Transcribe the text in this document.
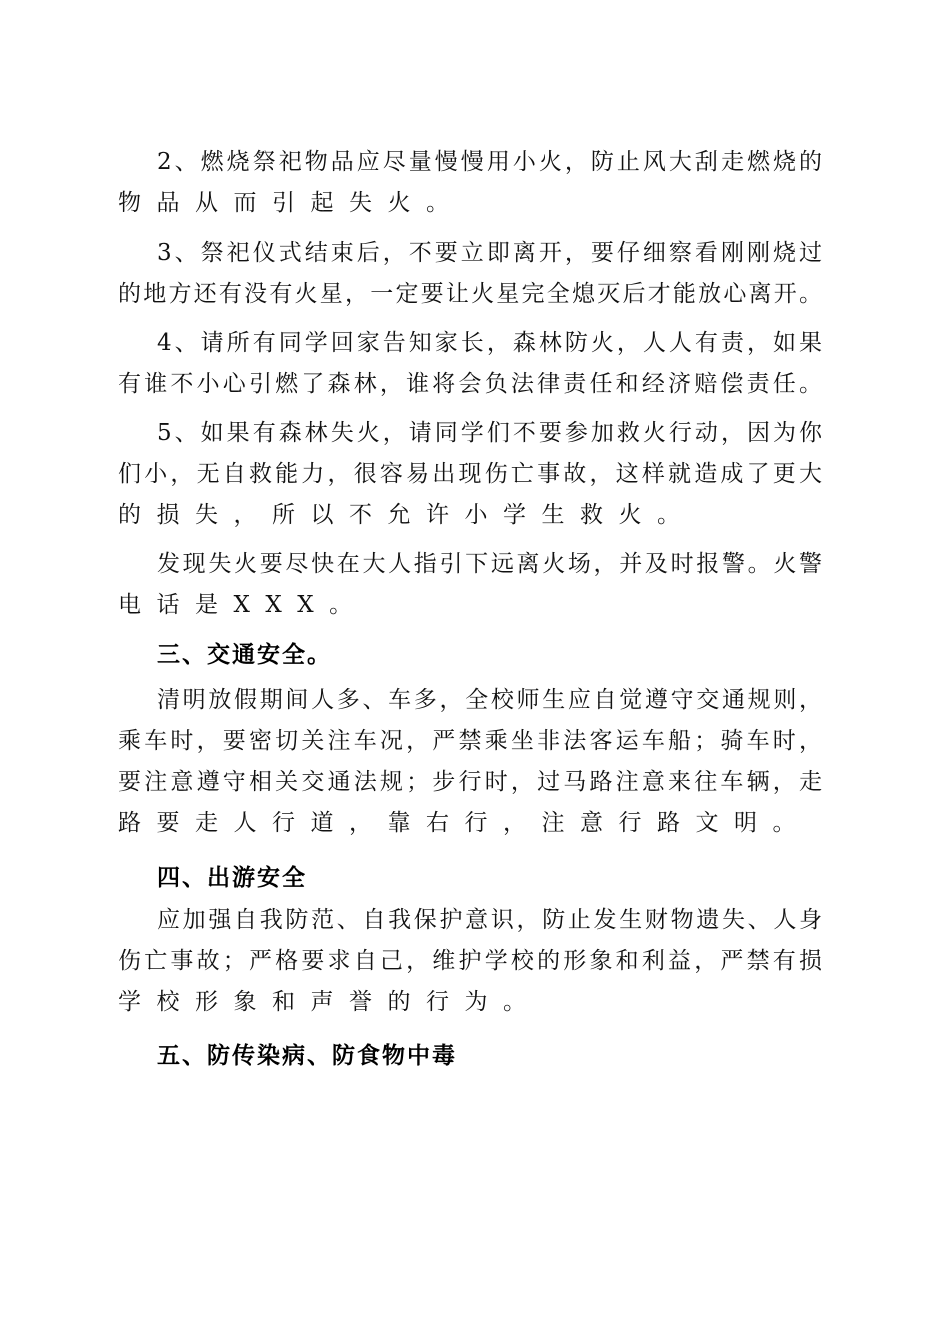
2、燃烧祭祀物品应尽量慢慢用小火，防止风大刮走燃烧的
物品从而引起失火。
3、祭祀仪式结束后，不要立即离开，要仔细察看刚刚烧过
的地方还有没有火星，一定要让火星完全熄灭后才能放心离开。
4、请所有同学回家告知家长，森林防火，人人有责，如果
有谁不小心引燃了森林，谁将会负法律责任和经济赔偿责任。
5、如果有森林失火，请同学们不要参加救火行动，因为你
们小，无自救能力，很容易出现伤亡事故，这样就造成了更大
的损失，所以不允许小学生救火。
发现失火要尽快在大人指引下远离火场，并及时报警。火警
电话是XXX。
三、交通安全。
清明放假期间人多、车多，全校师生应自觉遵守交通规则，
乘车时，要密切关注车况，严禁乘坐非法客运车船；骑车时，
要注意遵守相关交通法规；步行时，过马路注意来往车辆，走
路要走人行道，靠右行，注意行路文明。
四、出游安全
应加强自我防范、自我保护意识，防止发生财物遗失、人身
伤亡事故；严格要求自己，维护学校的形象和利益，严禁有损
学校形象和声誉的行为。
五、防传染病、防食物中毒
